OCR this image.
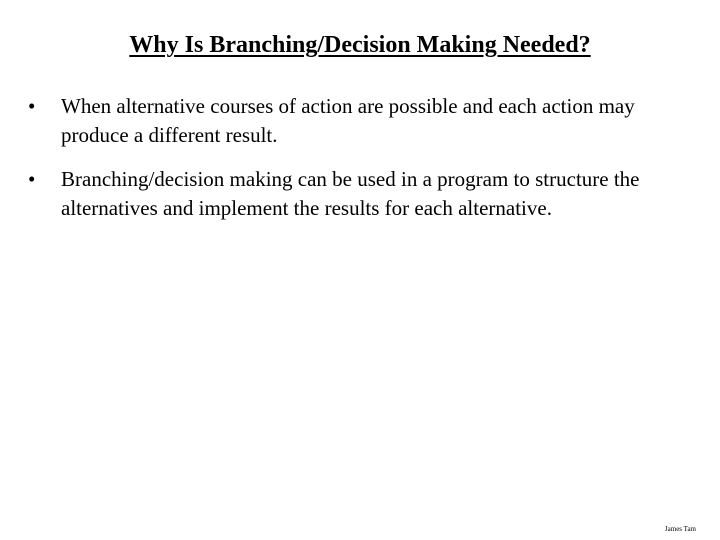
Why Is Branching/Decision Making Needed?
• When alternative courses of action are possible and each action may produce a different result.
• Branching/decision making can be used in a program to structure the alternatives and implement the results for each alternative.
James Tam
